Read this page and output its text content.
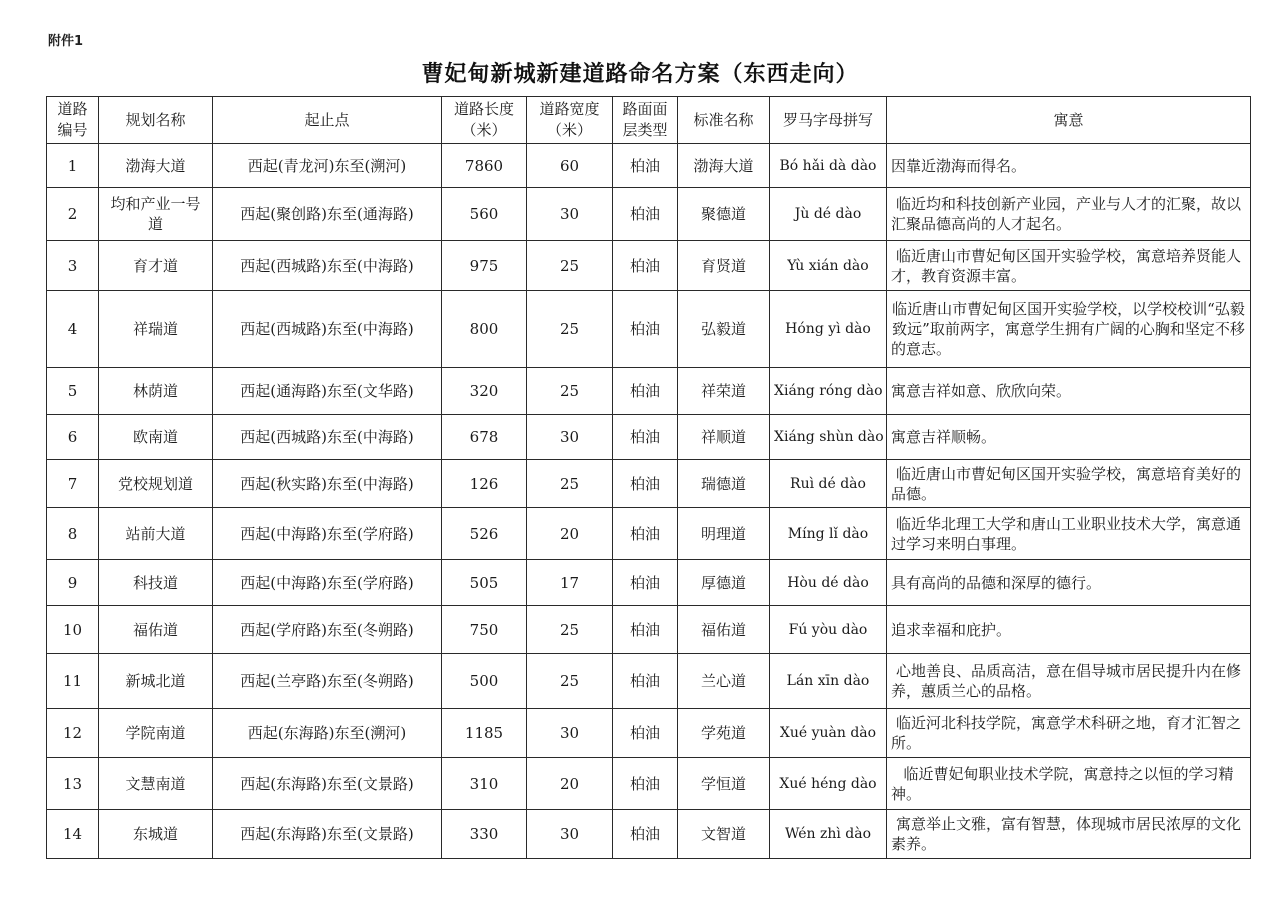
附件1
曹妃甸新城新建道路命名方案（东西走向）
道路编号	规划名称	起止点	道路长度（米）	道路宽度（米）	路面面层类型	标准名称	罗马字母拼写	寓意
1	渤海大道	西起(青龙河)东至(溯河)	7860	60	柏油	渤海大道	Bó hǎi dà dào	因靠近渤海而得名。
2	均和产业一号道	西起(聚创路)东至(通海路)	560	30	柏油	聚德道	Jù dé dào	临近均和科技创新产业园，产业与人才的汇聚，故以汇聚品德高尚的人才起名。
3	育才道	西起(西城路)东至(中海路)	975	25	柏油	育贤道	Yù xián dào	临近唐山市曹妃甸区国开实验学校，寓意培养贤能人才，教育资源丰富。
4	祥瑞道	西起(西城路)东至(中海路)	800	25	柏油	弘毅道	Hóng yì dào	临近唐山市曹妃甸区国开实验学校，以学校校训“弘毅致远”取前两字，寓意学生拥有广阔的心胸和坚定不移的意志。
5	林荫道	西起(通海路)东至(文华路)	320	25	柏油	祥荣道	Xiáng róng dào	寓意吉祥如意、欣欣向荣。
6	欧南道	西起(西城路)东至(中海路)	678	30	柏油	祥顺道	Xiáng shùn dào	寓意吉祥顺畅。
7	党校规划道	西起(秋实路)东至(中海路)	126	25	柏油	瑞德道	Ruì dé dào	临近唐山市曹妃甸区国开实验学校，寓意培育美好的品德。
8	站前大道	西起(中海路)东至(学府路)	526	20	柏油	明理道	Míng lǐ dào	临近华北理工大学和唐山工业职业技术大学，寓意通过学习来明白事理。
9	科技道	西起(中海路)东至(学府路)	505	17	柏油	厚德道	Hòu dé dào	具有高尚的品德和深厚的德行。
10	福佑道	西起(学府路)东至(冬朔路)	750	25	柏油	福佑道	Fú yòu dào	追求幸福和庇护。
11	新城北道	西起(兰亭路)东至(冬朔路)	500	25	柏油	兰心道	Lán xīn dào	心地善良、品质高洁，意在倡导城市居民提升内在修养，蕙质兰心的品格。
12	学院南道	西起(东海路)东至(溯河)	1185	30	柏油	学苑道	Xué yuàn dào	临近河北科技学院，寓意学术科研之地，育才汇智之所。
13	文慧南道	西起(东海路)东至(文景路)	310	20	柏油	学恒道	Xué héng dào	临近曹妃甸职业技术学院，寓意持之以恒的学习精神。
14	东城道	西起(东海路)东至(文景路)	330	30	柏油	文智道	Wén zhì dào	寓意举止文雅，富有智慧，体现城市居民浓厚的文化素养。
